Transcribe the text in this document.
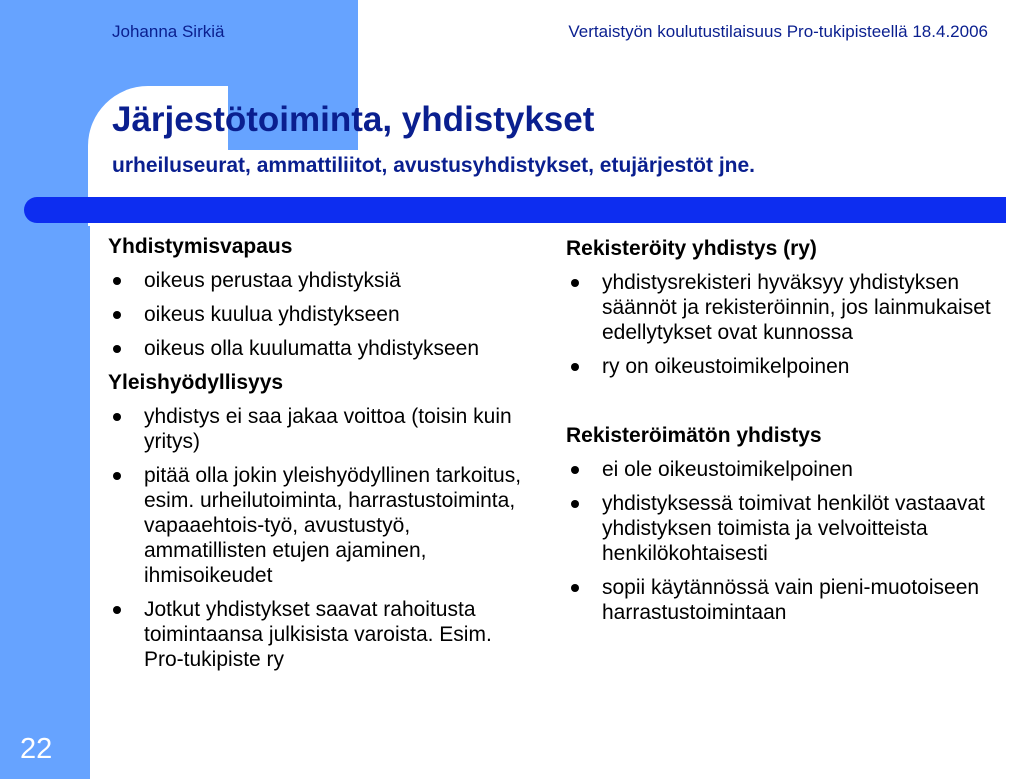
Johanna Sirkiä	Vertaistyön koulutustilaisuus Pro-tukipisteellä 18.4.2006
Järjestötoiminta, yhdistykset
urheiluseurat, ammattiliitot, avustusyhdistykset, etujärjestöt jne.
Yhdistymisvapaus
oikeus perustaa yhdistyksiä
oikeus kuulua yhdistykseen
oikeus olla kuulumatta yhdistykseen
Yleishyödyllisyys
yhdistys ei saa jakaa voittoa (toisin kuin yritys)
pitää olla jokin yleishyödyllinen tarkoitus, esim. urheilutoiminta, harrastustoiminta, vapaaehtois-työ, avustustyö, ammatillisten etujen ajaminen, ihmisoikeudet
Jotkut yhdistykset saavat rahoitusta toimintaansa julkisista varoista. Esim. Pro-tukipiste ry
Rekisteröity yhdistys (ry)
yhdistysrekisteri hyväksyy yhdistyksen säännöt ja rekisteröinnin, jos lainmukaiset edellytykset ovat kunnossa
ry on oikeustoimikelpoinen
Rekisteröimätön yhdistys
ei ole oikeustoimikelpoinen
yhdistyksessä toimivat henkilöt vastaavat yhdistyksen toimista ja velvoitteista henkilökohtaisesti
sopii käytännössä vain pieni-muotoiseen harrastustoimintaan
22
